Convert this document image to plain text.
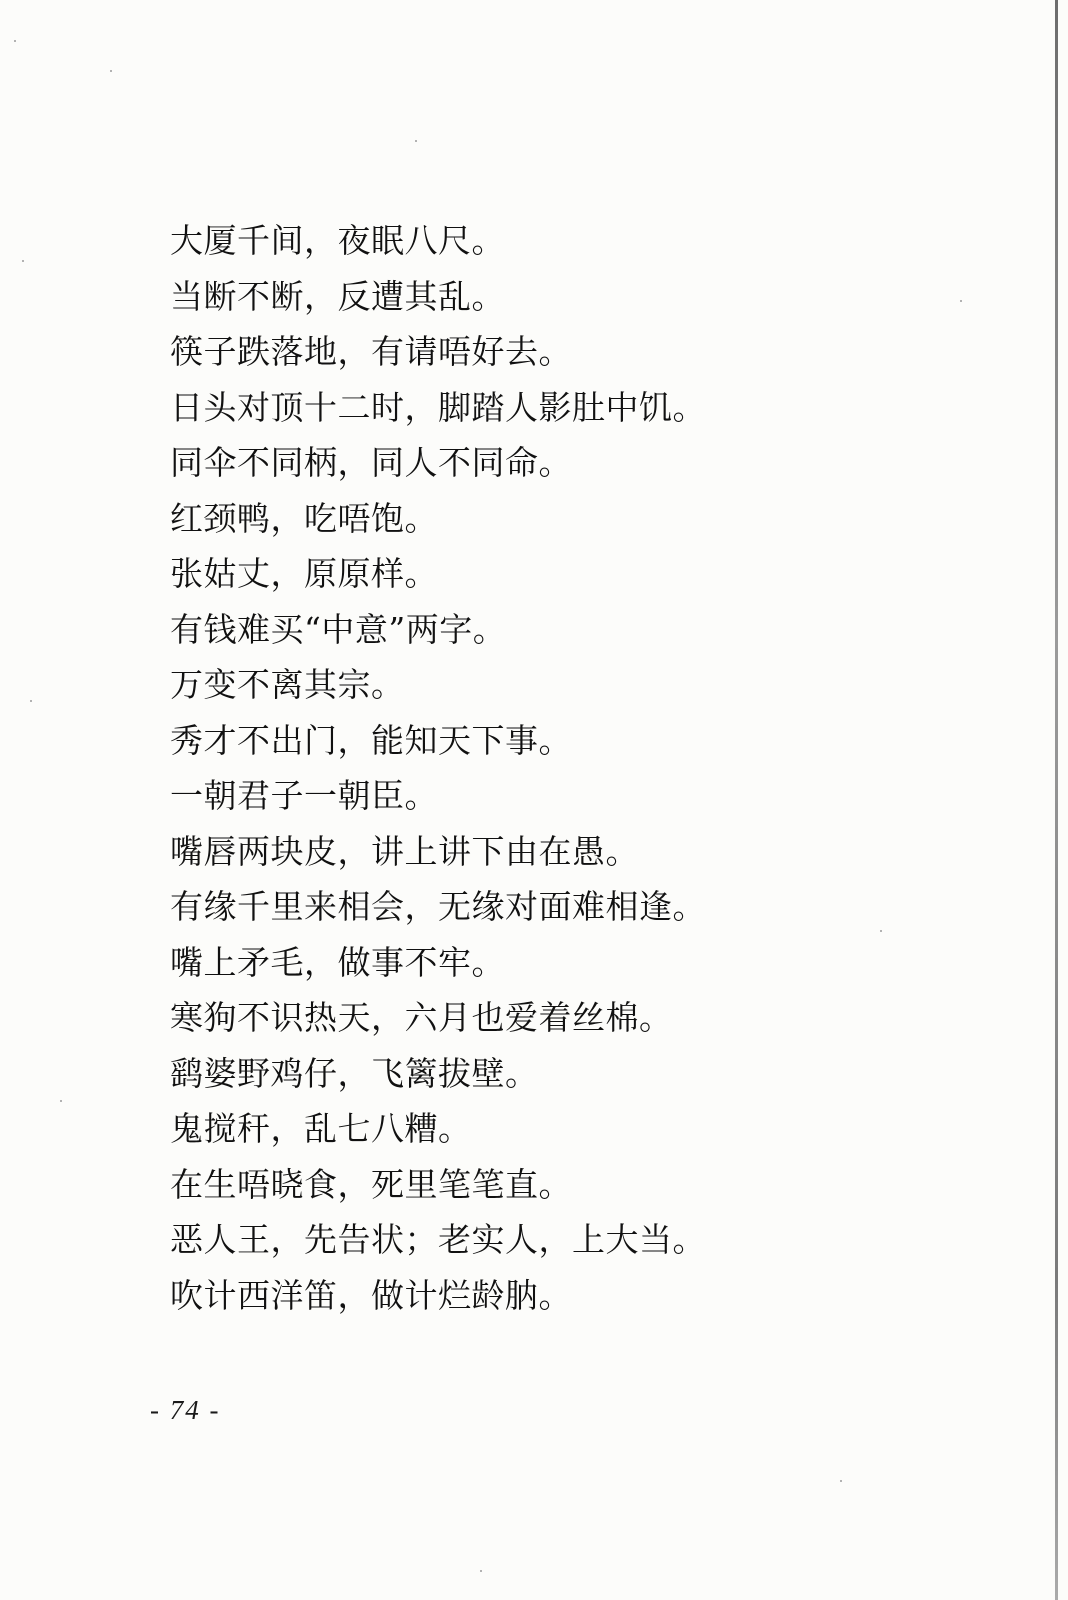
大厦千间，夜眠八尺。
当断不断，反遭其乱。
筷子跌落地，有请唔好去。
日头对顶十二时，脚踏人影肚中饥。
同伞不同柄，同人不同命。
红颈鸭，吃唔饱。
张姑丈，原原样。
有钱难买“中意”两字。
万变不离其宗。
秀才不出门，能知天下事。
一朝君子一朝臣。
嘴唇两块皮，讲上讲下由在愚。
有缘千里来相会，无缘对面难相逢。
嘴上矛毛，做事不牢。
寒狗不识热天，六月也爱着丝棉。
鹞婆野鸡仔，飞篱拔壁。
鬼搅秆，乱七八糟。
在生唔晓食，死里笔笔直。
恶人王，先告状；老实人，上大当。
吹计西洋笛，做计烂龄肭。
- 74 -
